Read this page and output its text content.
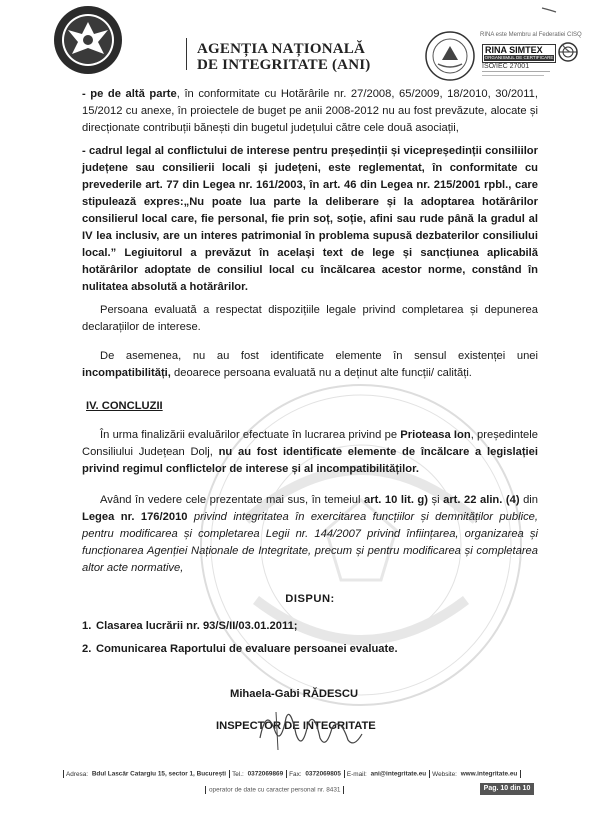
AGENȚIA NAȚIONALĂ
DE INTEGRITATE (ANI)
RINA este Membru al Federatiei CISQ
RINA SIMTEX
ORGANISMUL DE CERTIFICARE
ISO/IEC 27001

- pe de altă parte, în conformitate cu Hotărârile nr. 27/2008, 65/2009, 18/2010, 30/2011, 15/2012 cu anexe, în proiectele de buget pe anii 2008-2012 nu au fost prevăzute, alocate și direcționate contribuții bănești din bugetul județului către cele două asociații,

- cadrul legal al conflictului de interese pentru președinții și vicepreședinții consiliilor județene sau consilierii locali și județeni, este reglementat, în conformitate cu prevederile art. 77 din Legea nr. 161/2003, în art. 46 din Legea nr. 215/2001 rpbl., care stipulează expres:„Nu poate lua parte la deliberare și la adoptarea hotărârilor consilierul local care, fie personal, fie prin soț, soție, afini sau rude până la gradul al IV lea inclusiv, are un interes patrimonial în problema supusă dezbaterilor consiliului local.” Legiuitorul a prevăzut în același text de lege și sancțiunea aplicabilă hotărârilor adoptate de consiliul local cu încălcarea acestor norme, constând în nulitatea absolută a hotărârilor.

Persoana evaluată a respectat dispozițiile legale privind completarea și depunerea declarațiilor de interese.

De asemenea, nu au fost identificate elemente în sensul existenței unei incompatibilități, deoarece persoana evaluată nu a deținut alte funcții/ calități.

IV. CONCLUZII

În urma finalizării evaluărilor efectuate în lucrarea privind pe Prioteasa Ion, președintele Consiliului Județean Dolj, nu au fost identificate elemente de încălcare a legislației privind regimul conflictelor de interese și al incompatibilităților.

Având în vedere cele prezentate mai sus, în temeiul art. 10 lit. g) și art. 22 alin. (4) din Legea nr. 176/2010 privind integritatea în exercitarea funcțiilor și demnităților publice, pentru modificarea și completarea Legii nr. 144/2007 privind înființarea, organizarea și funcționarea Agenției Naționale de Integritate, precum și pentru modificarea și completarea altor acte normative,

DISPUN:

1. Clasarea lucrării nr. 93/S/II/03.01.2011;
2. Comunicarea Raportului de evaluare persoanei evaluate.
Mihaela-Gabi RĂDESCU
INSPECTOR DE INTEGRITATE
Adresa: Bdul Lascăr Catargiu 15, sector 1, București Tel.: 0372069869 Fax: 0372069805 E-mail: ani@integritate.eu Website: www.integritate.eu
operator de date cu caracter personal nr. 8431	Pag. 10 din 10
